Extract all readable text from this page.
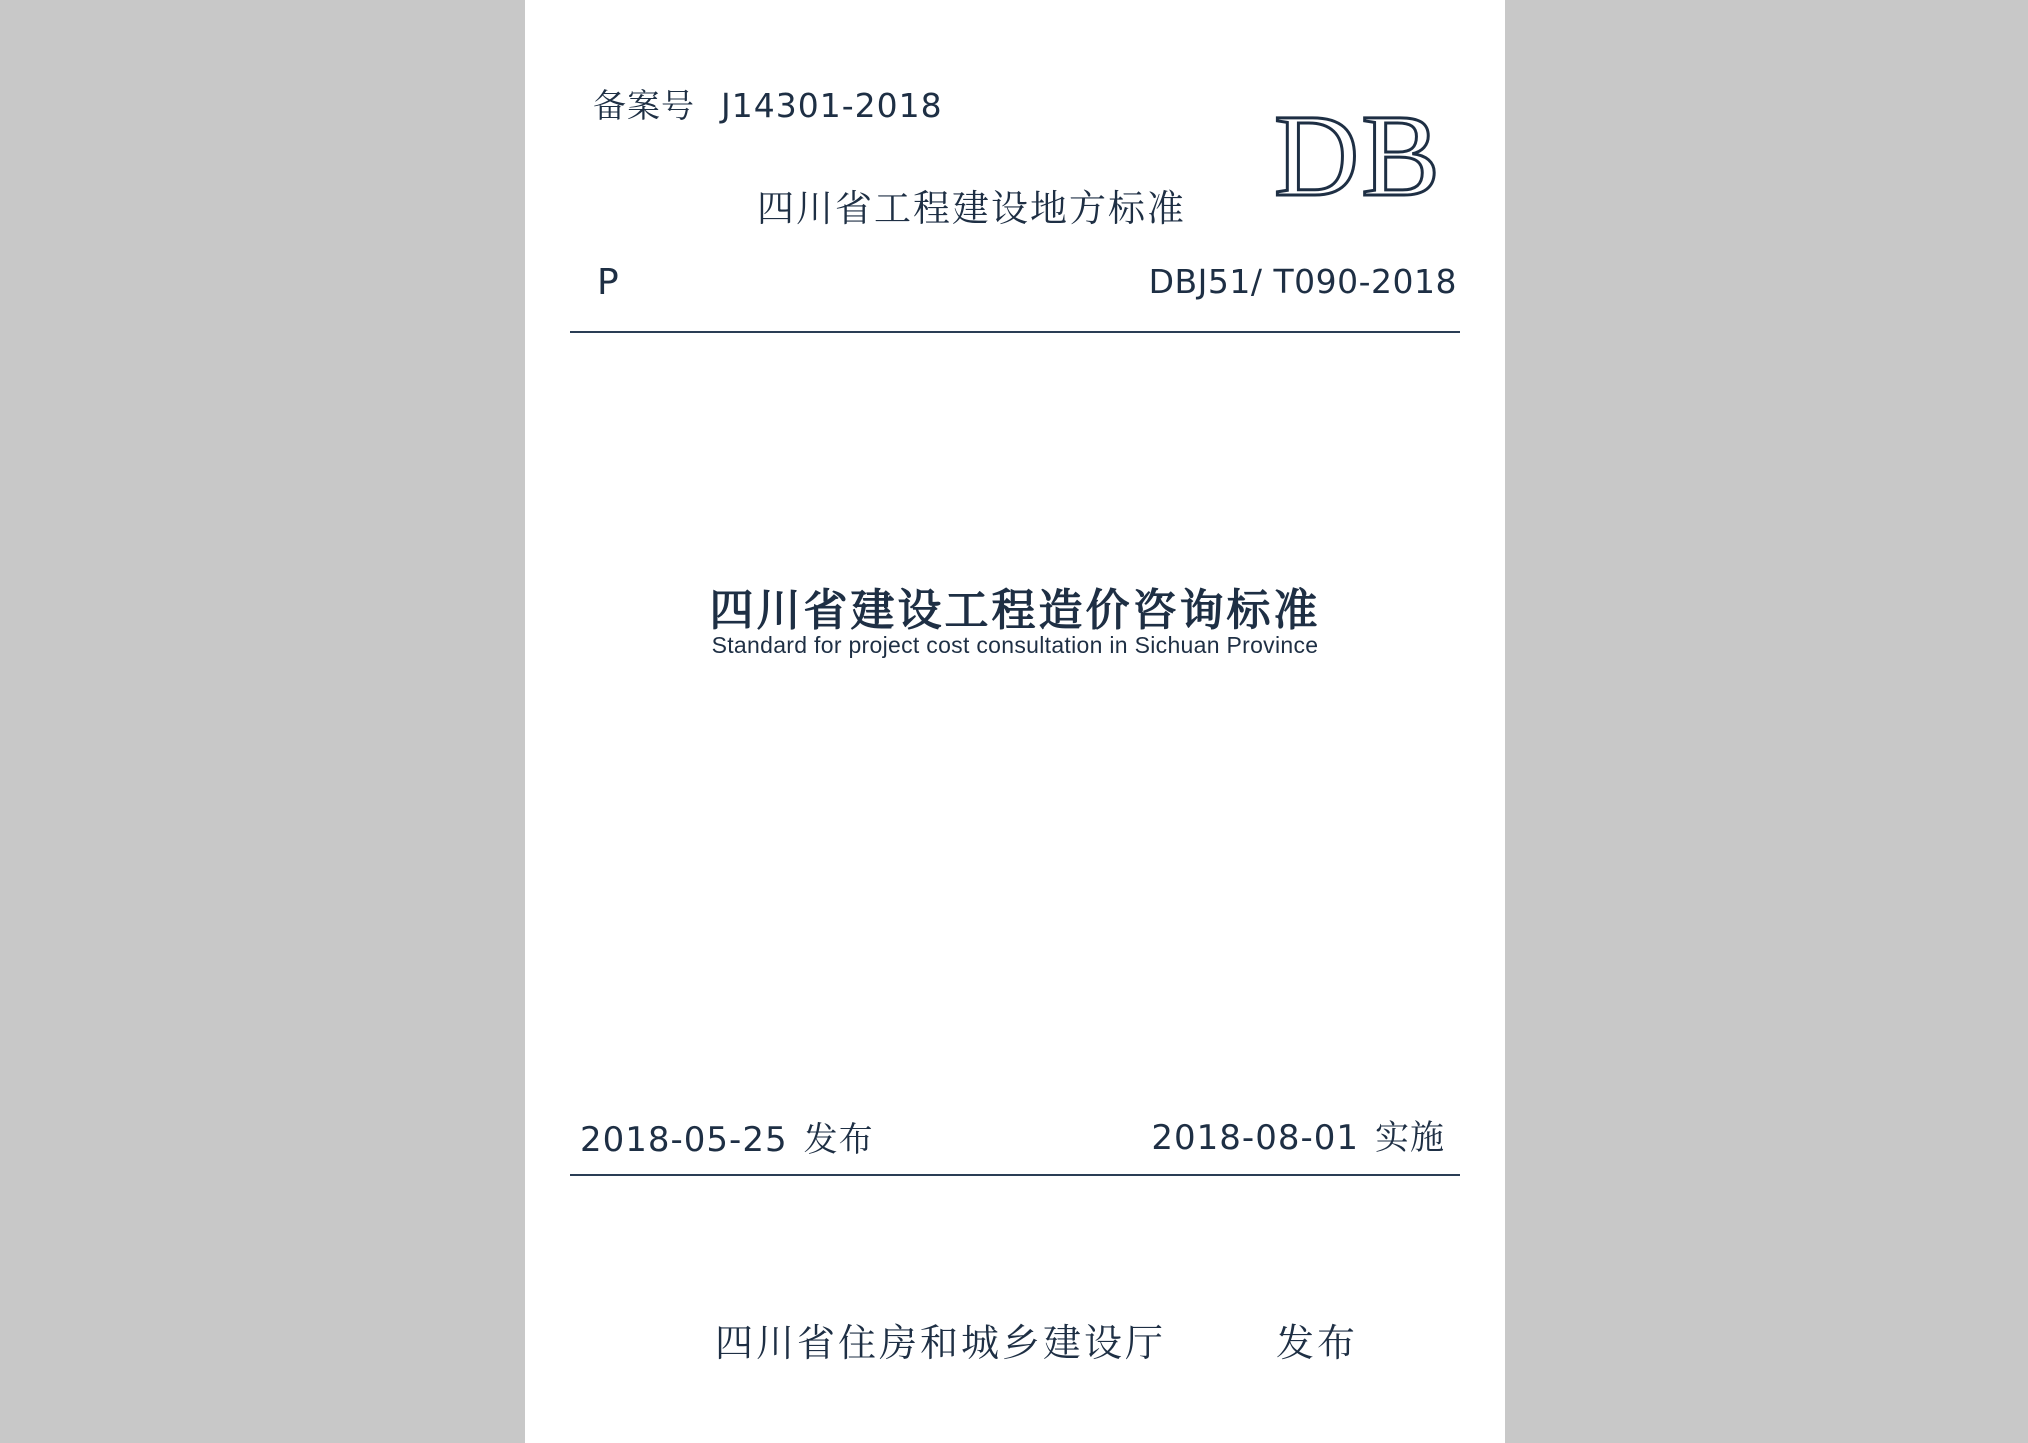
备案号 J14301-2018
四川省工程建设地方标准 DB
P	DBJ51/ T090-2018
四川省建设工程造价咨询标准
Standard for project cost consultation in Sichuan Province
2018-05-25 发布	2018-08-01 实施
四川省住房和城乡建设厅	发布
